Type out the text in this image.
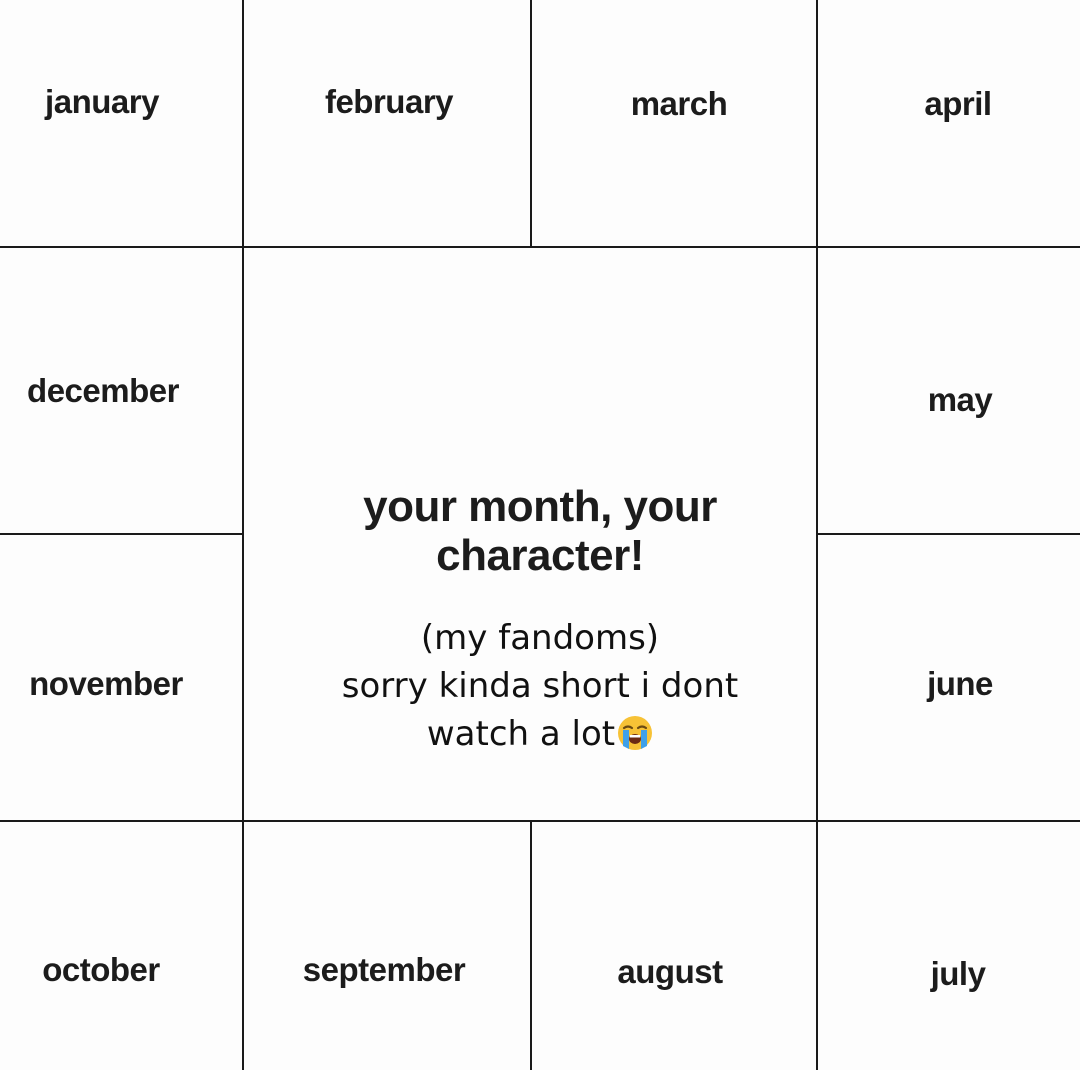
january	february	march	april
december	may
november	june
october	september	august	july
your month, your character!
(my fandoms)
sorry kinda short i dont
watch a lot
